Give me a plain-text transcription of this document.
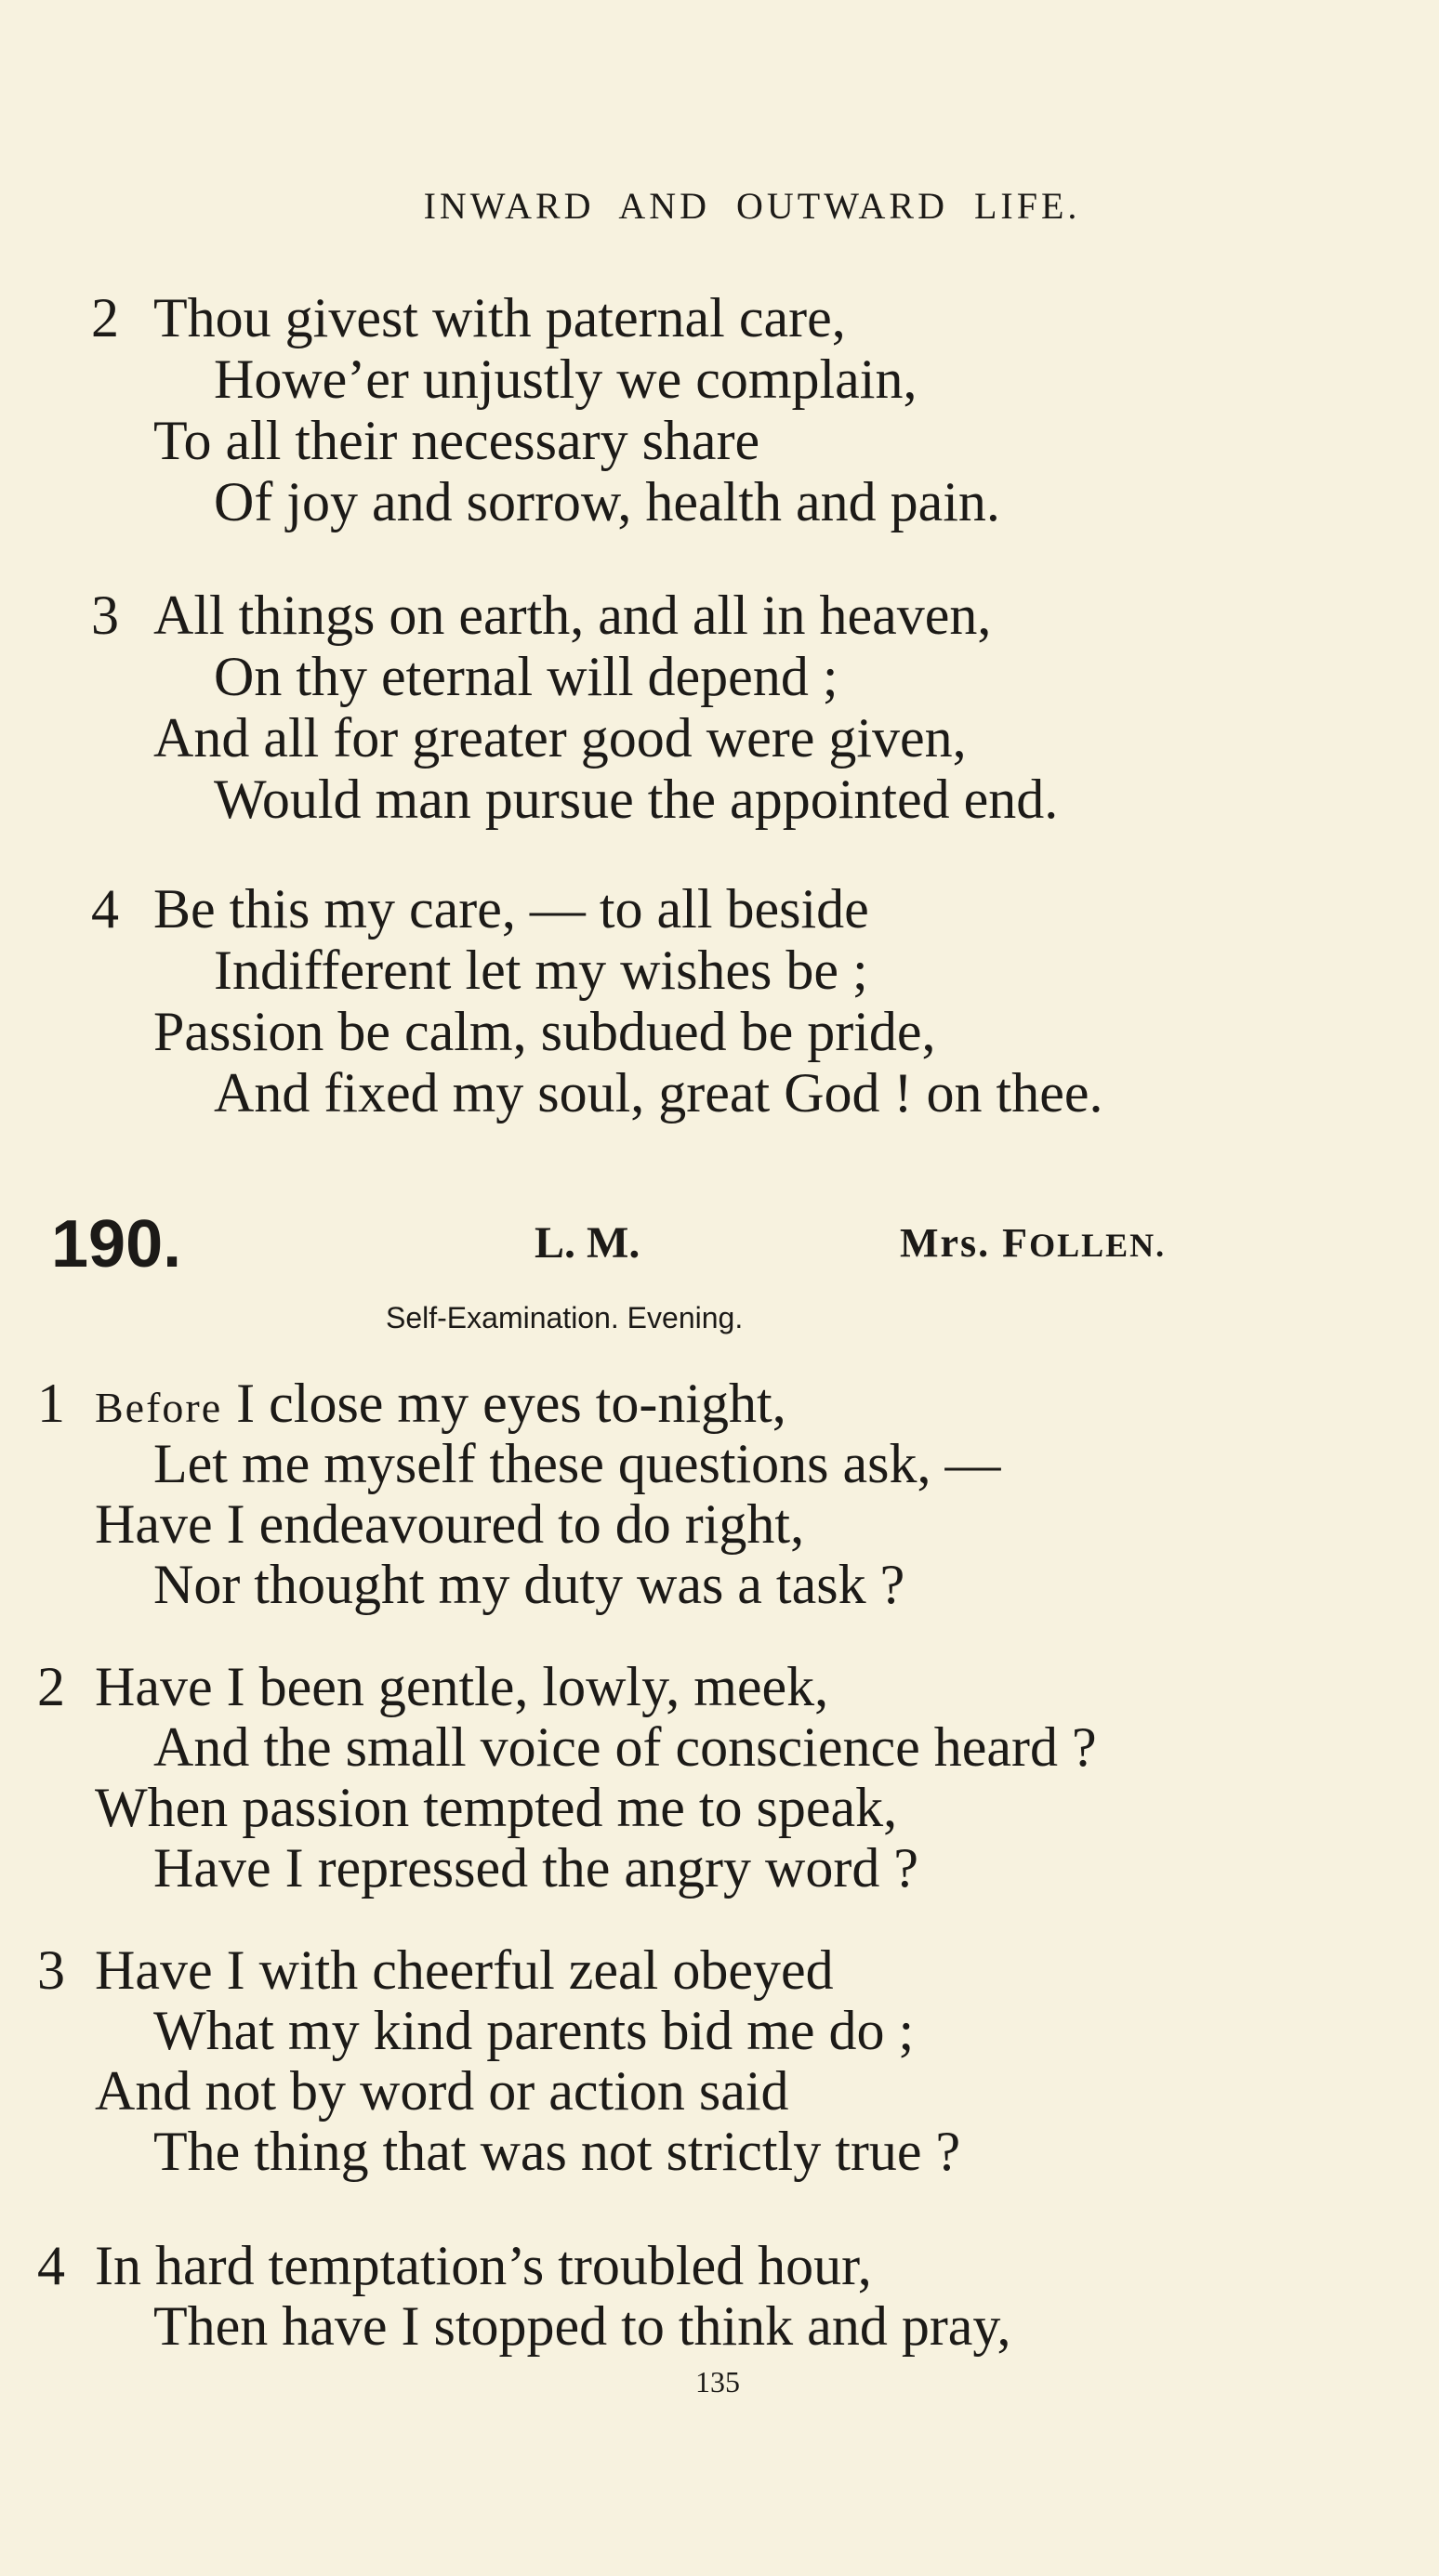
INWARD AND OUTWARD LIFE.
2 Thou givest with paternal care,
Howe’er unjustly we complain,
To all their necessary share
Of joy and sorrow, health and pain.
3 All things on earth, and all in heaven,
On thy eternal will depend ;
And all for greater good were given,
Would man pursue the appointed end.
4 Be this my care, — to all beside
Indifferent let my wishes be ;
Passion be calm, subdued be pride,
And fixed my soul, great God ! on thee.
190.	L. M.	Mrs. FOLLEN.
Self-Examination. Evening.
1 Before I close my eyes to-night,
Let me myself these questions ask, —
Have I endeavoured to do right,
Nor thought my duty was a task ?
2 Have I been gentle, lowly, meek,
And the small voice of conscience heard ?
When passion tempted me to speak,
Have I repressed the angry word ?
3 Have I with cheerful zeal obeyed
What my kind parents bid me do ;
And not by word or action said
The thing that was not strictly true ?
4 In hard temptation’s troubled hour,
Then have I stopped to think and pray,
135
